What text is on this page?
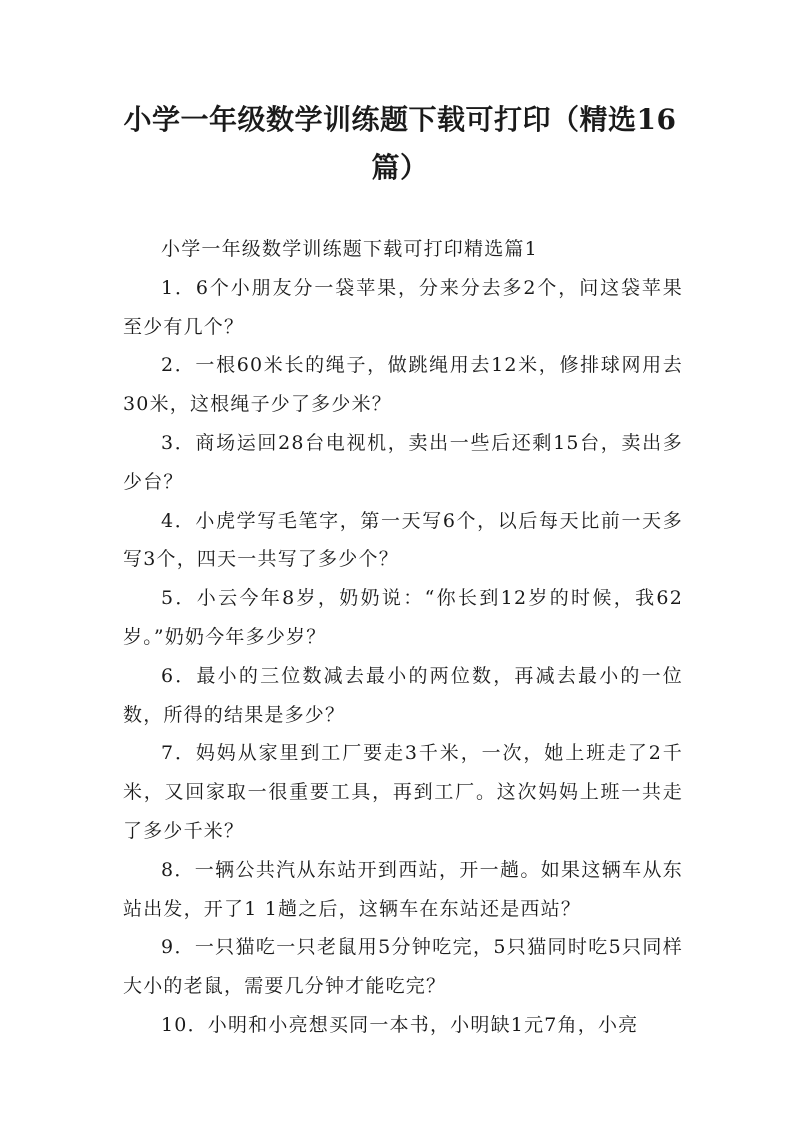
小学一年级数学训练题下载可打印（精选16篇）

小学一年级数学训练题下载可打印精选篇1

1．6个小朋友分一袋苹果，分来分去多2个，问这袋苹果至少有几个？

2．一根60米长的绳子，做跳绳用去12米，修排球网用去30米，这根绳子少了多少米？

3．商场运回28台电视机，卖出一些后还剩15台，卖出多少台？

4．小虎学写毛笔字，第一天写6个，以后每天比前一天多写3个，四天一共写了多少个？

5．小云今年8岁，奶奶说：“你长到12岁的时候，我62岁。”奶奶今年多少岁？

6．最小的三位数减去最小的两位数，再减去最小的一位数，所得的结果是多少？

7．妈妈从家里到工厂要走3千米，一次，她上班走了2千米，又回家取一很重要工具，再到工厂。这次妈妈上班一共走了多少千米？

8．一辆公共汽从东站开到西站，开一趟。如果这辆车从东站出发，开了1 1趟之后，这辆车在东站还是西站？

9．一只猫吃一只老鼠用5分钟吃完，5只猫同时吃5只同样大小的老鼠，需要几分钟才能吃完？

10．小明和小亮想买同一本书，小明缺1元7角，小亮
